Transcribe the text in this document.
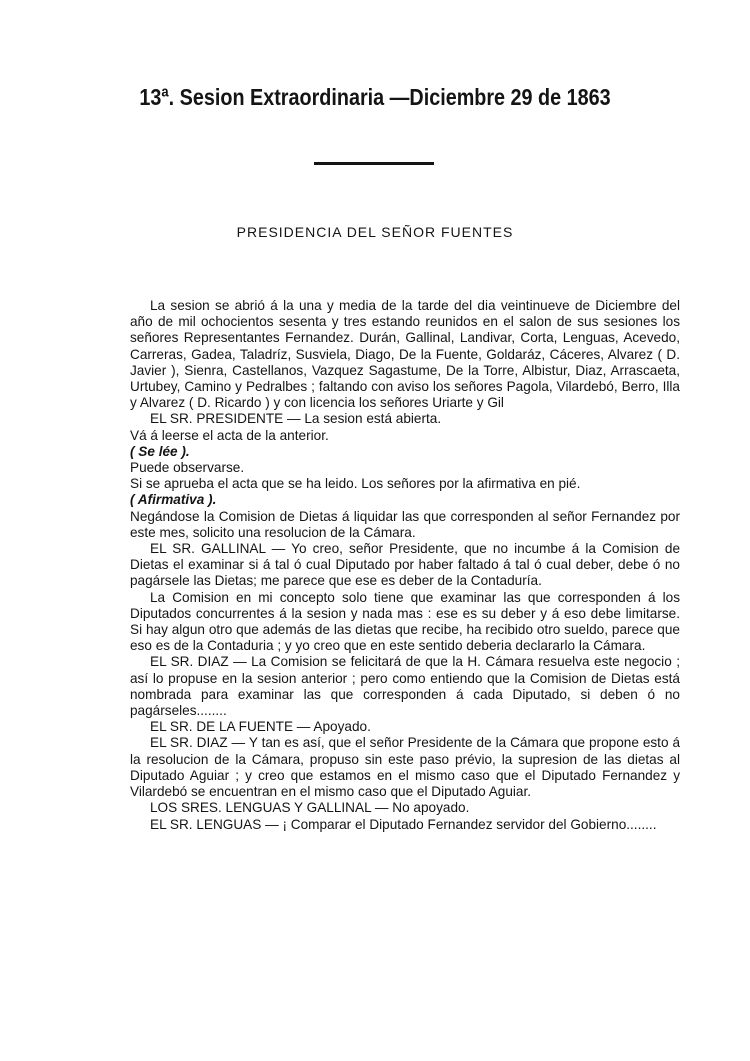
13ª. Sesion Extraordinaria —Diciembre 29 de 1863
PRESIDENCIA DEL SEÑOR FUENTES

La sesion se abrió á la una y media de la tarde del dia veintinueve de Diciembre del año de mil ochocientos sesenta y tres estando reunidos en el salon de sus sesiones los señores Representantes Fernandez. Durán, Gallinal, Landivar, Corta, Lenguas, Acevedo, Carreras, Gadea, Taladríz, Susviela, Diago, De la Fuente, Goldaráz, Cáceres, Alvarez ( D. Javier ), Sienra, Castellanos, Vazquez Sagastume, De la Torre, Albistur, Diaz, Arrascaeta, Urtubey, Camino y Pedralbes ; faltando con aviso los señores Pagola, Vilardebó, Berro, Illa y Alvarez ( D. Ricardo ) y con licencia los señores Uriarte y Gil

EL SR. PRESIDENTE — La sesion está abierta.

Vá á leerse el acta de la anterior.

( Se lée ).

Puede observarse.

Si se aprueba el acta que se ha leido. Los señores por la afirmativa en pié.

( Afirmativa ).

Negándose la Comision de Dietas á liquidar las que corresponden al señor Fernandez por este mes, solicito una resolucion de la Cámara.

EL SR. GALLINAL — Yo creo, señor Presidente, que no incumbe á la Comision de Dietas el examinar si á tal ó cual Diputado por haber faltado á tal ó cual deber, debe ó no pagársele las Dietas; me parece que ese es deber de la Contaduría.

La Comision en mi concepto solo tiene que examinar las que corresponden á los Diputados concurrentes á la sesion y nada mas : ese es su deber y á eso debe limitarse. Si hay algun otro que además de las dietas que recibe, ha recibido otro sueldo, parece que eso es de la Contaduria ; y yo creo que en este sentido deberia declararlo la Cámara.

EL SR. DIAZ — La Comision se felicitará de que la H. Cámara resuelva este negocio ; así lo propuse en la sesion anterior ; pero como entiendo que la Comision de Dietas está nombrada para examinar las que corresponden á cada Diputado, si deben ó no pagárseles........

EL SR. DE LA FUENTE — Apoyado.

EL SR. DIAZ — Y tan es así, que el señor Presidente de la Cámara que propone esto á la resolucion de la Cámara, propuso sin este paso prévio, la supresion de las dietas al Diputado Aguiar ; y creo que estamos en el mismo caso que el Diputado Fernandez y Vilardebó se encuentran en el mismo caso que el Diputado Aguiar.

LOS SRES. LENGUAS Y GALLINAL — No apoyado.

EL SR. LENGUAS — ¡ Comparar el Diputado Fernandez servidor del Gobierno........
